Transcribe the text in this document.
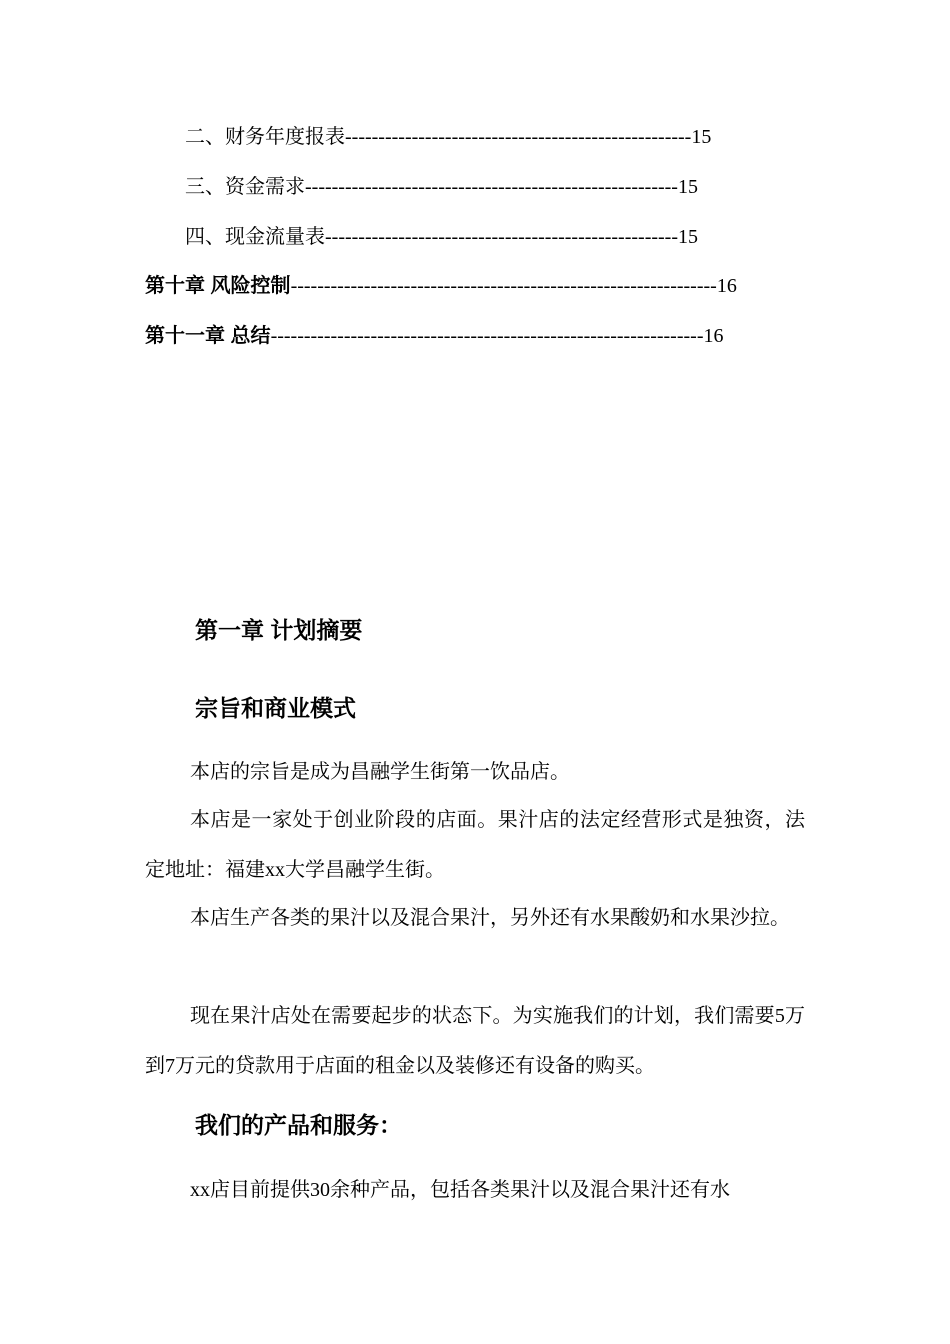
二、财务年度报表----------------------------------------------------15
三、资金需求--------------------------------------------------------15
四、现金流量表-----------------------------------------------------15
第十章 风险控制----------------------------------------------------------------16
第十一章 总结-----------------------------------------------------------------16
第一章 计划摘要
宗旨和商业模式

本店的宗旨是成为昌融学生街第一饮品店。

本店是一家处于创业阶段的店面。果汁店的法定经营形式是独资，法定地址：福建xx大学昌融学生街。

本店生产各类的果汁以及混合果汁，另外还有水果酸奶和水果沙拉。

现在果汁店处在需要起步的状态下。为实施我们的计划，我们需要5万到7万元的贷款用于店面的租金以及装修还有设备的购买。

我们的产品和服务：

xx店目前提供30余种产品，包括各类果汁以及混合果汁还有水
